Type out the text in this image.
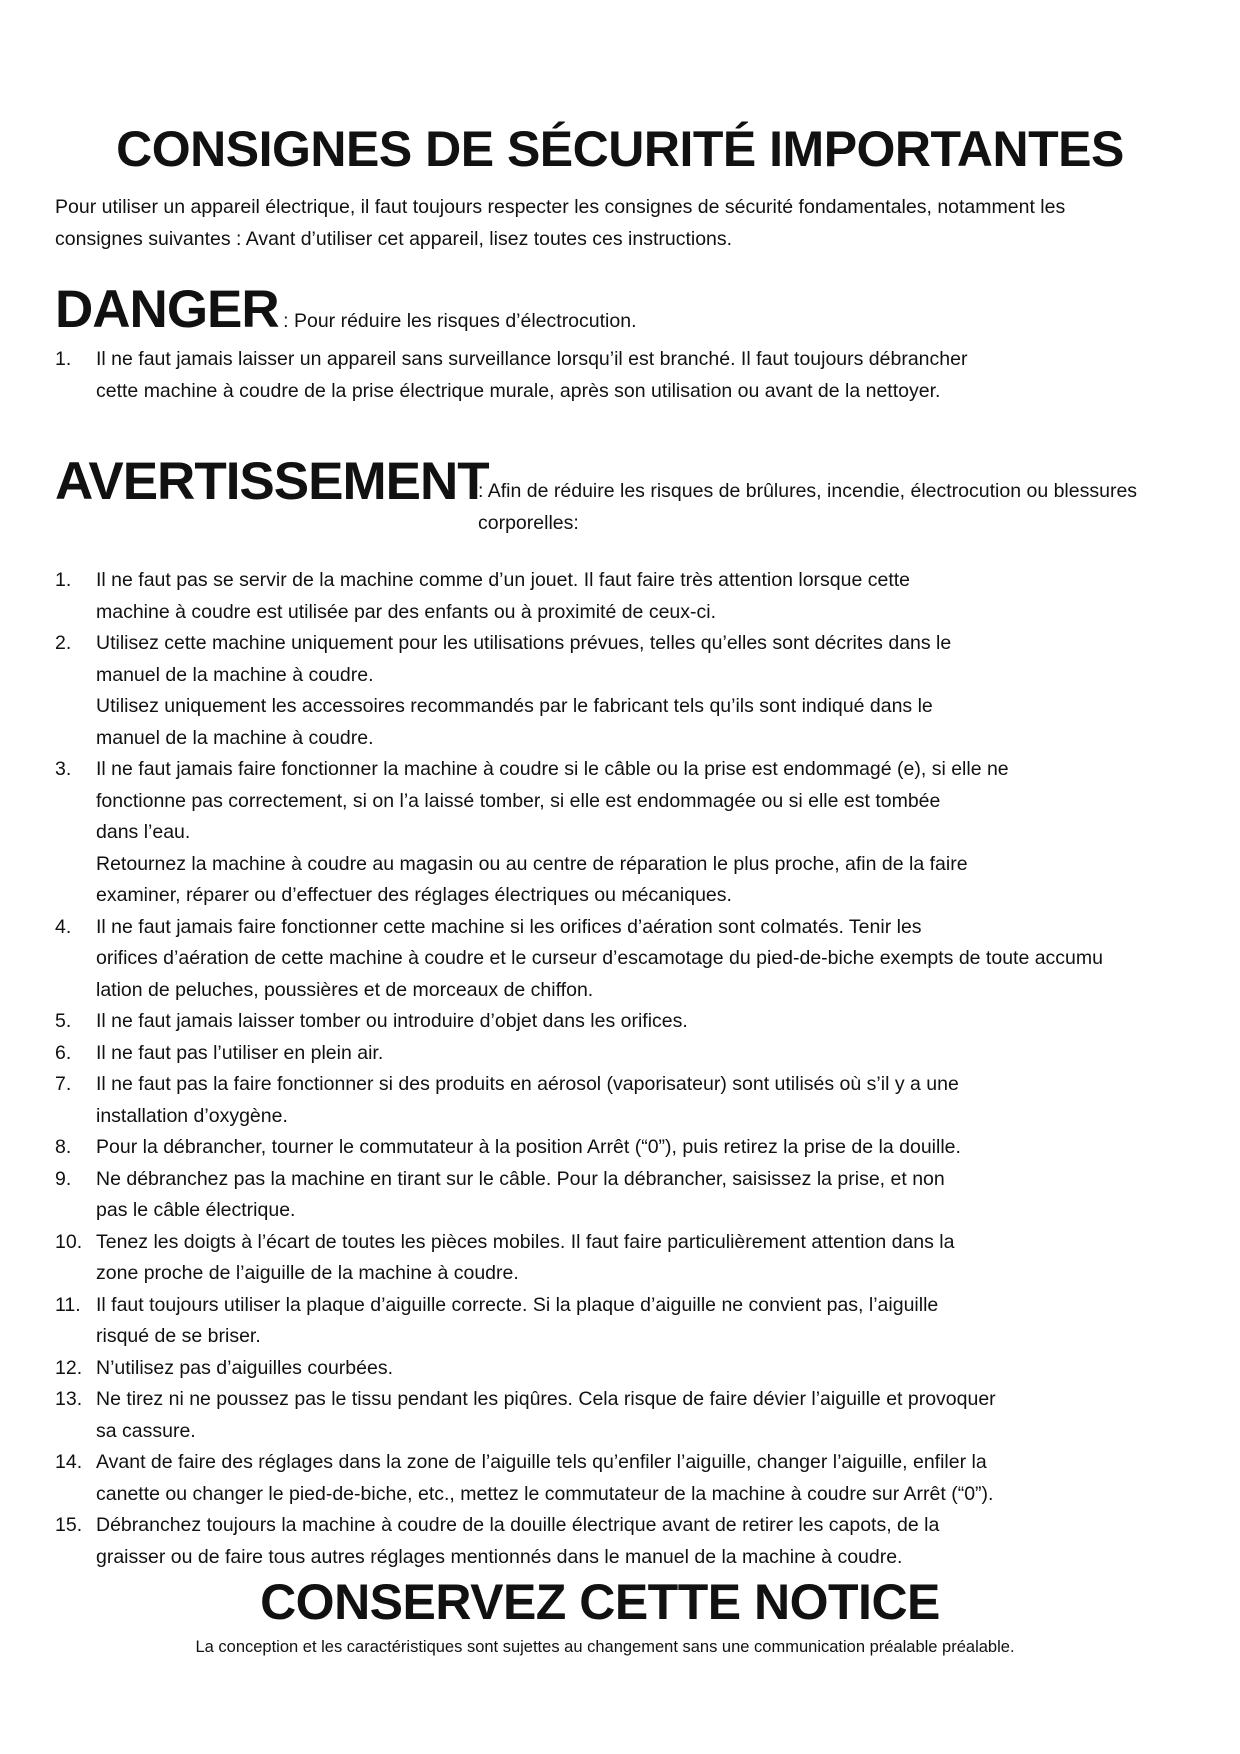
CONSIGNES DE SÉCURITÉ IMPORTANTES

Pour utiliser un appareil électrique, il faut toujours respecter les consignes de sécurité fondamentales, notamment les
consignes suivantes : Avant d’utiliser cet appareil, lisez toutes ces instructions.

DANGER : Pour réduire les risques d’électrocution.
1. Il ne faut jamais laisser un appareil sans surveillance lorsqu’il est branché. Il faut toujours débrancher
cette machine à coudre de la prise électrique murale, après son utilisation ou avant de la nettoyer.
AVERTISSEMENT

: Afin de réduire les risques de brûlures, incendie, électrocution ou blessures
corporelles:

1. Il ne faut pas se servir de la machine comme d’un jouet. Il faut faire très attention lorsque cette
machine à coudre est utilisée par des enfants ou à proximité de ceux-ci.
2. Utilisez cette machine uniquement pour les utilisations prévues, telles qu’elles sont décrites dans le
manuel de la machine à coudre.
Utilisez uniquement les accessoires recommandés par le fabricant tels qu’ils sont indiqué dans le
manuel de la machine à coudre.
3. Il ne faut jamais faire fonctionner la machine à coudre si le câble ou la prise est endommagé (e), si elle ne
fonctionne pas correctement, si on l’a laissé tomber, si elle est endommagée ou si elle est tombée
dans l’eau.
Retournez la machine à coudre au magasin ou au centre de réparation le plus proche, afin de la faire
examiner, réparer ou d’effectuer des réglages électriques ou mécaniques.
4. Il ne faut jamais faire fonctionner cette machine si les orifices d’aération sont colmatés. Tenir les
orifices d’aération de cette machine à coudre et le curseur d’escamotage du pied-de-biche exempts de toute accumu
lation de peluches, poussières et de morceaux de chiffon.
5. Il ne faut jamais laisser tomber ou introduire d’objet dans les orifices.
6. Il ne faut pas l’utiliser en plein air.
7. Il ne faut pas la faire fonctionner si des produits en aérosol (vaporisateur) sont utilisés où s’il y a une
installation d’oxygène.
8. Pour la débrancher, tourner le commutateur à la position Arrêt (“0”), puis retirez la prise de la douille.
9. Ne débranchez pas la machine en tirant sur le câble. Pour la débrancher, saisissez la prise, et non
pas le câble électrique.
10. Tenez les doigts à l’écart de toutes les pièces mobiles. Il faut faire particulièrement attention dans la
zone proche de l’aiguille de la machine à coudre.
11. Il faut toujours utiliser la plaque d’aiguille correcte. Si la plaque d’aiguille ne convient pas, l’aiguille
risqué de se briser.
12. N’utilisez pas d’aiguilles courbées.
13. Ne tirez ni ne poussez pas le tissu pendant les piqûres. Cela risque de faire dévier l’aiguille et provoquer
sa cassure.
14. Avant de faire des réglages dans la zone de l’aiguille tels qu’enfiler l’aiguille, changer l’aiguille, enfiler la
canette ou changer le pied-de-biche, etc., mettez le commutateur de la machine à coudre sur Arrêt (“0”).
15. Débranchez toujours la machine à coudre de la douille électrique avant de retirer les capots, de la
graisser ou de faire tous autres réglages mentionnés dans le manuel de la machine à coudre.
CONSERVEZ CETTE NOTICE

La conception et les caractéristiques sont sujettes au changement sans une communication préalable préalable.
